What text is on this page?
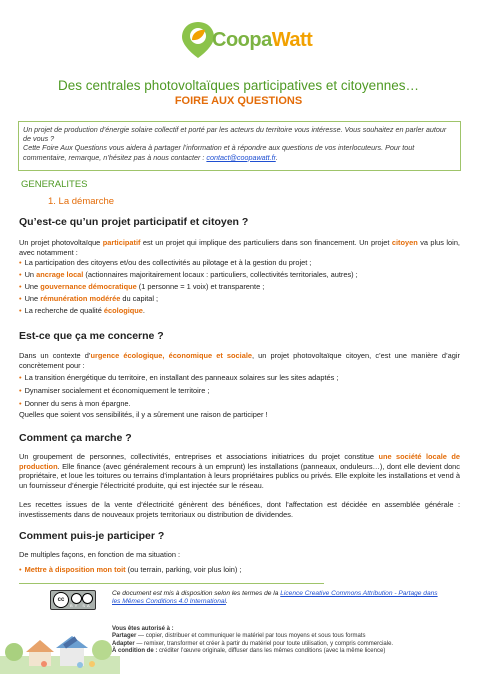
CoopaWatt
Des centrales photovoltaïques participatives et citoyennes…
FOIRE AUX QUESTIONS

Un projet de production d’énergie solaire collectif et porté par les acteurs du territoire vous intéresse. Vous souhaitez en parler autour de vous ?

Cette Foire Aux Questions vous aidera à partager l’information et à répondre aux questions de vos interlocuteurs. Pour tout commentaire, remarque, n’hésitez pas à nous contacter : contact@coopawatt.fr.

GENERALITES
1. La démarche
Qu’est-ce qu’un projet participatif et citoyen ?

Un projet photovoltaïque participatif est un projet qui implique des particuliers dans son financement. Un projet citoyen va plus loin, avec notamment :

• La participation des citoyens et/ou des collectivités au pilotage et à la gestion du projet ;

• Un ancrage local (actionnaires majoritairement locaux : particuliers, collectivités territoriales, autres) ;

• Une gouvernance démocratique (1 personne = 1 voix) et transparente ;

• Une rémunération modérée du capital ;

• La recherche de qualité écologique.

Est-ce que ça me concerne ?

Dans un contexte d’urgence écologique, économique et sociale, un projet photovoltaïque citoyen, c’est une manière d’agir concrètement pour :

• La transition énergétique du territoire, en installant des panneaux solaires sur les sites adaptés ;

• Dynamiser socialement et économiquement le territoire ;

• Donner du sens à mon épargne.

Quelles que soient vos sensibilités, il y a sûrement une raison de participer !

Comment ça marche ?

Un groupement de personnes, collectivités, entreprises et associations initiatrices du projet constitue une société locale de production. Elle finance (avec généralement recours à un emprunt) les installations (panneaux, onduleurs…), dont elle devient donc propriétaire, et loue les toitures ou terrains d’implantation à leurs propriétaires publics ou privés. Elle exploite les installations et vend à un fournisseur d’énergie l’électricité produite, qui est injectée sur le réseau.

Les recettes issues de la vente d’électricité génèrent des bénéfices, dont l’affectation est décidée en assemblée générale : investissements dans de nouveaux projets territoriaux ou distribution de dividendes.

Comment puis-je participer ?

De multiples façons, en fonction de ma situation :

• Mettre à disposition mon toit (ou terrain, parking, voir plus loin) ;

cc
BY SA
Ce document est mis à disposition selon les termes de la Licence Creative Commons Attribution - Partage dans les Mêmes Conditions 4.0 International.
Vous êtes autorisé à :
Partager — copier, distribuer et communiquer le matériel par tous moyens et sous tous formats
Adapter — remixer, transformer et créer à partir du matériel pour toute utilisation, y compris commerciale.
À condition de : créditer l’œuvre originale, diffuser dans les mêmes conditions (avec la même licence)
